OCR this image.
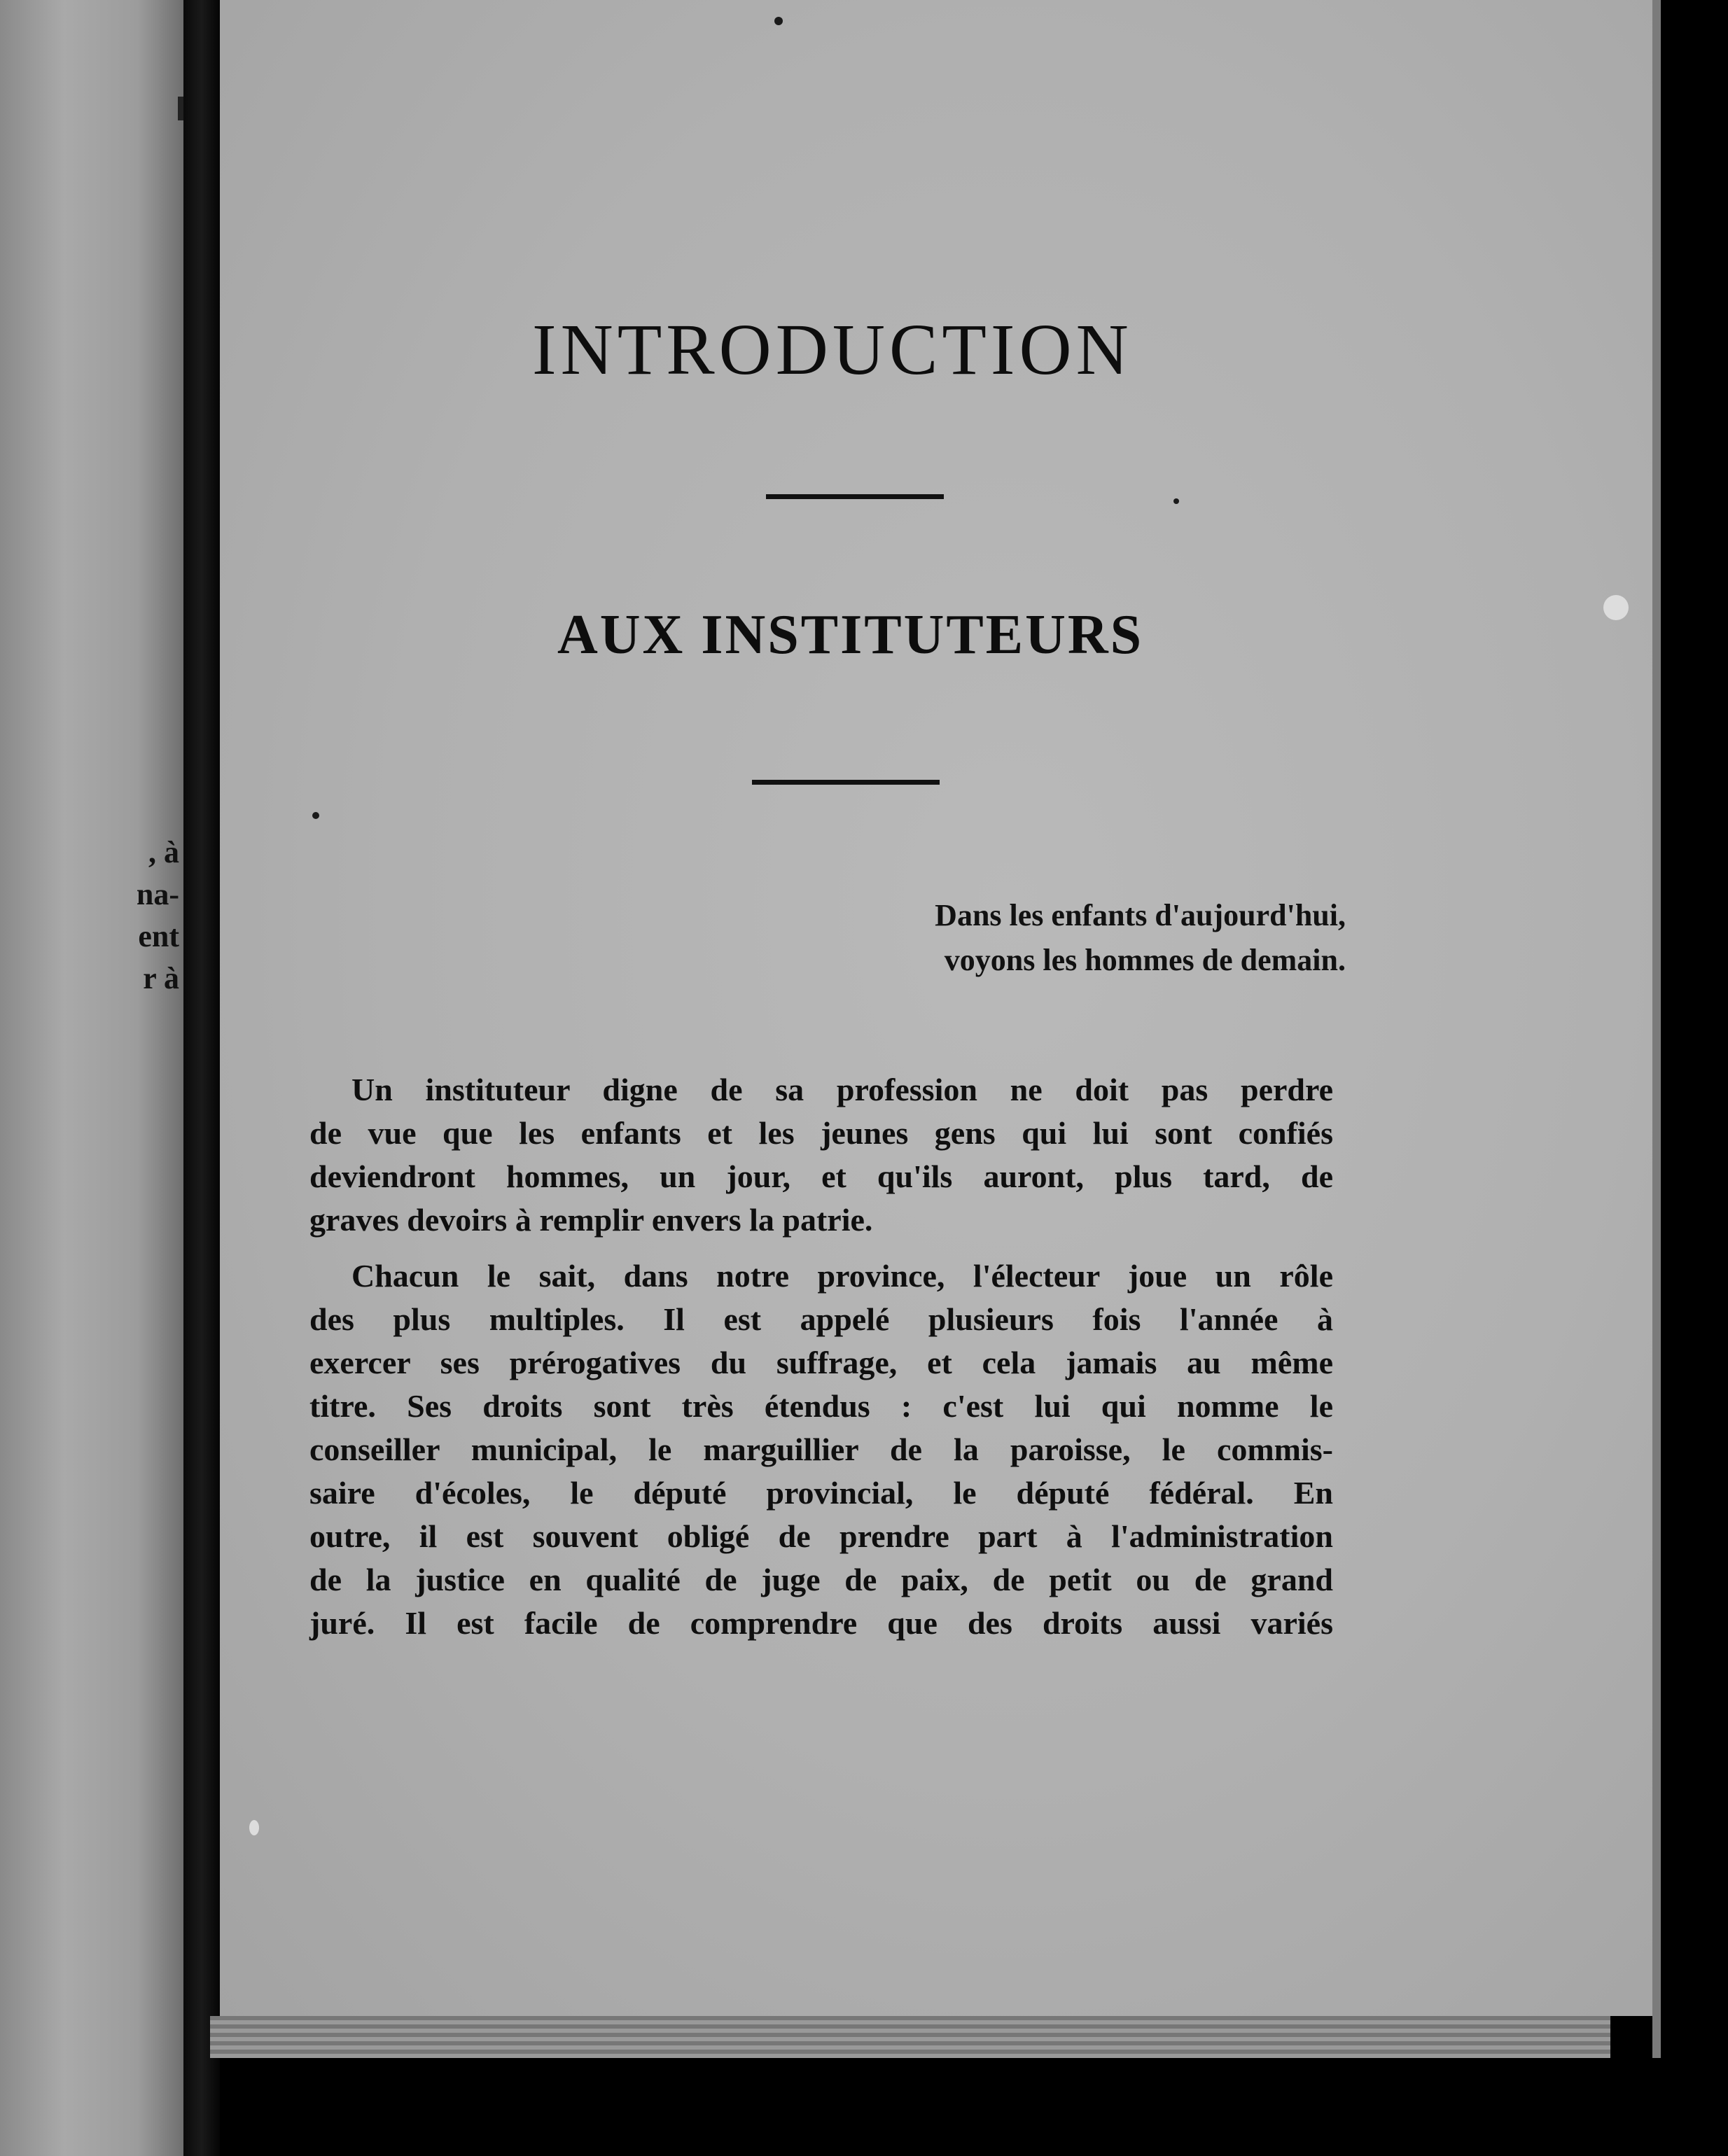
, à
na-
ent
r à
INTRODUCTION
AUX INSTITUTEURS
Dans les enfants d'aujourd'hui,
voyons les hommes de demain.

Un instituteur digne de sa profession ne doit pas perdre

de vue que les enfants et les jeunes gens qui lui sont confiés

deviendront hommes, un jour, et qu'ils auront, plus tard, de

graves devoirs à remplir envers la patrie.

Chacun le sait, dans notre province, l'électeur joue un rôle

des plus multiples. Il est appelé plusieurs fois l'année à

exercer ses prérogatives du suffrage, et cela jamais au même

titre. Ses droits sont très étendus : c'est lui qui nomme le

conseiller municipal, le marguillier de la paroisse, le commis-

saire d'écoles, le député provincial, le député fédéral. En

outre, il est souvent obligé de prendre part à l'administration

de la justice en qualité de juge de paix, de petit ou de grand

juré. Il est facile de comprendre que des droits aussi variés
